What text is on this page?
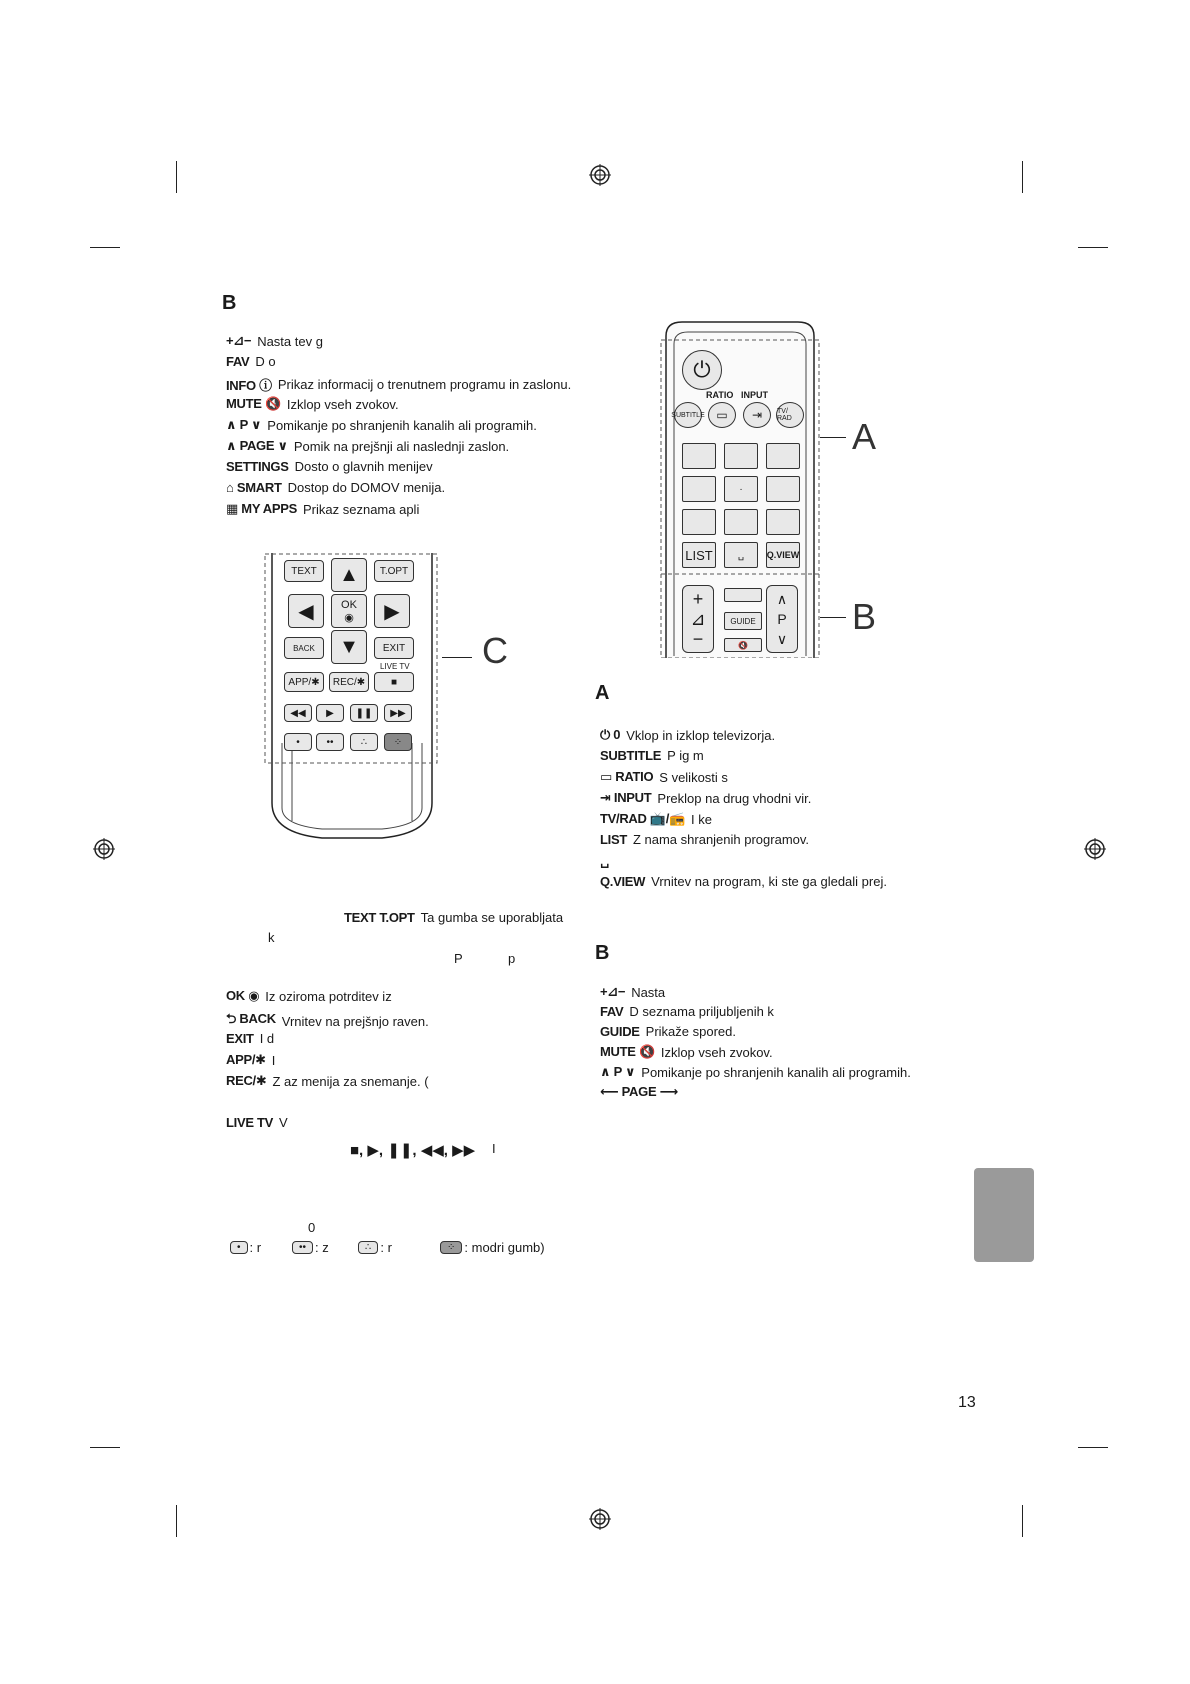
B
+⊿− Nasta tev g
FAV D o
INFO ⓘ Prikaz informacij o trenutnem programu in zaslonu.
MUTE 🔇 Izklop vseh zvokov.
∧ P ∨ Pomikanje po shranjenih kanalih ali programih.
∧ PAGE ∨ Pomik na prejšnji ali naslednji zaslon.
SETTINGS Dosto o glavnih menijev
⌂ SMART Dostop do DOMOV menija.
▦ MY APPS Prikaz seznama apli
TEXT	▲	T.OPT
◀	OK
◉	▶
BACK	▼	EXIT
LIVE TV
APP/✱ REC/✱	■
◀◀	▶	❚❚	▶▶
•	••	∴	⁘
C
TEXT T.OPT Ta gumba se uporabljata
k
P	p
OK ◉ Iz oziroma potrditev iz
⮌ BACK Vrnitev na prejšnjo raven.
EXIT I d
APP/✱ I
REC/✱ Z az menija za snemanje. (
LIVE TV V
■, ▶, ❚❚, ◀◀, ▶▶ I
0
• : r	•• : z	∴ : r	⁘ : modri gumb)
⏻
RATIO INPUT
SUBTITLE ▭	⇥	TV/ RAD
·
LIST	␣	Q.VIEW
+
⊿
−
GUIDE
🔇
∧
P
∨
A
B
A
⏻ 0 Vklop in izklop televizorja.
SUBTITLE P ig m
▭ RATIO S velikosti s
⇥ INPUT Preklop na drug vhodni vir.
TV/RAD 📺/📻 I ke
LIST Z nama shranjenih programov.
␣
Q.VIEW Vrnitev na program, ki ste ga gledali prej.
B
+⊿− Nasta
FAV D seznama priljubljenih k
GUIDE Prikaže spored.
MUTE 🔇 Izklop vseh zvokov.
∧ P ∨ Pomikanje po shranjenih kanalih ali programih.
⟵ PAGE ⟶
13
